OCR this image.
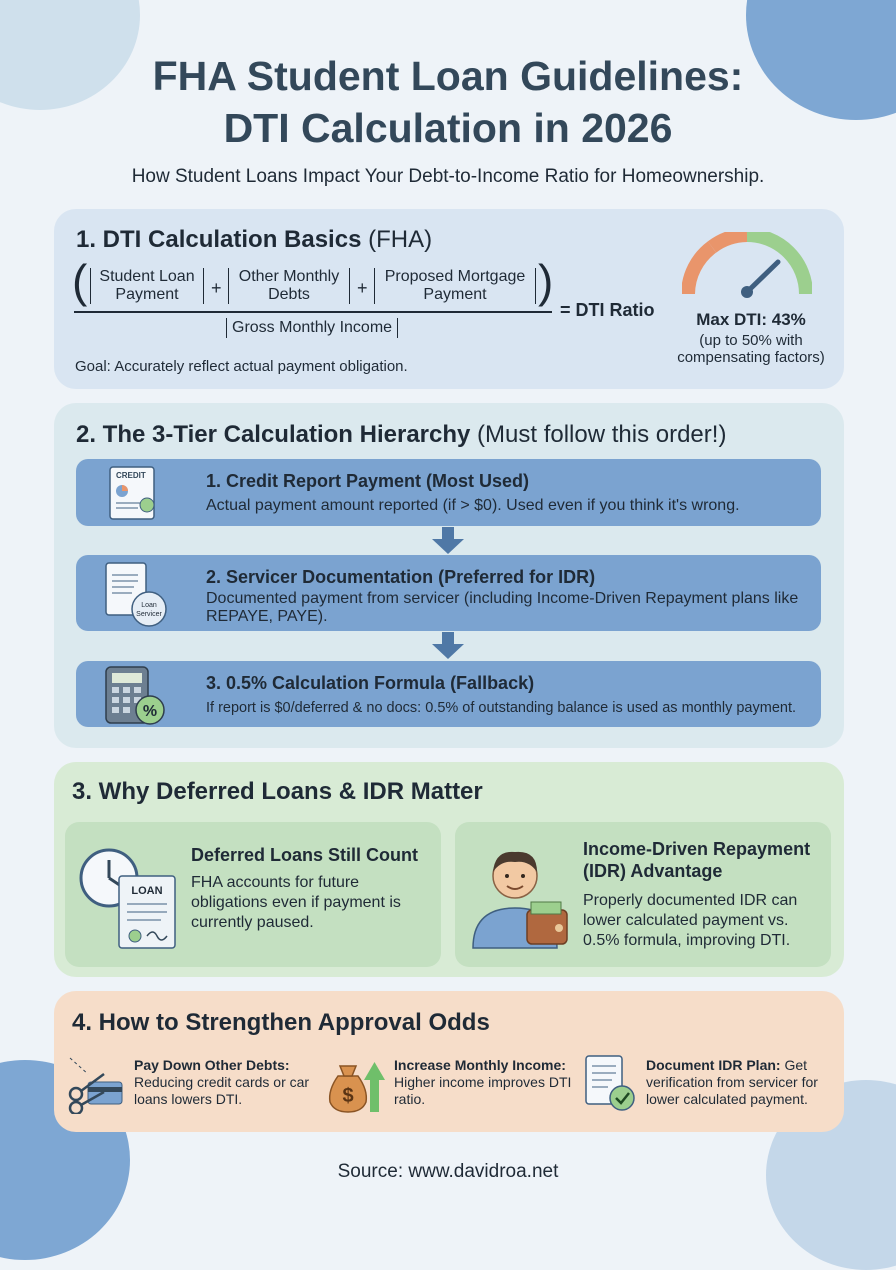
FHA Student Loan Guidelines:
DTI Calculation in 2026
How Student Loans Impact Your Debt-to-Income Ratio for Homeownership.
1. DTI Calculation Basics (FHA)
( Student Loan
Payment	+
Other Monthly
Debts	+
Proposed Mortgage
Payment	)
= DTI Ratio
Gross Monthly Income
Goal: Accurately reflect actual payment obligation.
Max DTI: 43%
(up to 50% with compensating factors)
2. The 3-Tier Calculation Hierarchy (Must follow this order!)
CREDIT	1. Credit Report Payment (Most Used)
Actual payment amount reported (if > $0). Used even if you think it's wrong.
Loan
Servicer
2. Servicer Documentation (Preferred for IDR)
Documented payment from servicer (including Income-Driven Repayment plans like REPAYE, PAYE).
%
3. 0.5% Calculation Formula (Fallback)
If report is $0/deferred & no docs: 0.5% of outstanding balance is used as monthly payment.
3. Why Deferred Loans & IDR Matter
LOAN
Deferred Loans Still Count
FHA accounts for future obligations even if payment is currently paused.
Income-Driven Repayment (IDR) Advantage
Properly documented IDR can lower calculated payment vs. 0.5% formula, improving DTI.
4. How to Strengthen Approval Odds
Pay Down Other Debts: Reducing credit cards or car loans lowers DTI.	$
Increase Monthly Income: Higher income improves DTI ratio.
Document IDR Plan: Get verification from servicer for lower calculated payment.
Source: www.davidroa.net
